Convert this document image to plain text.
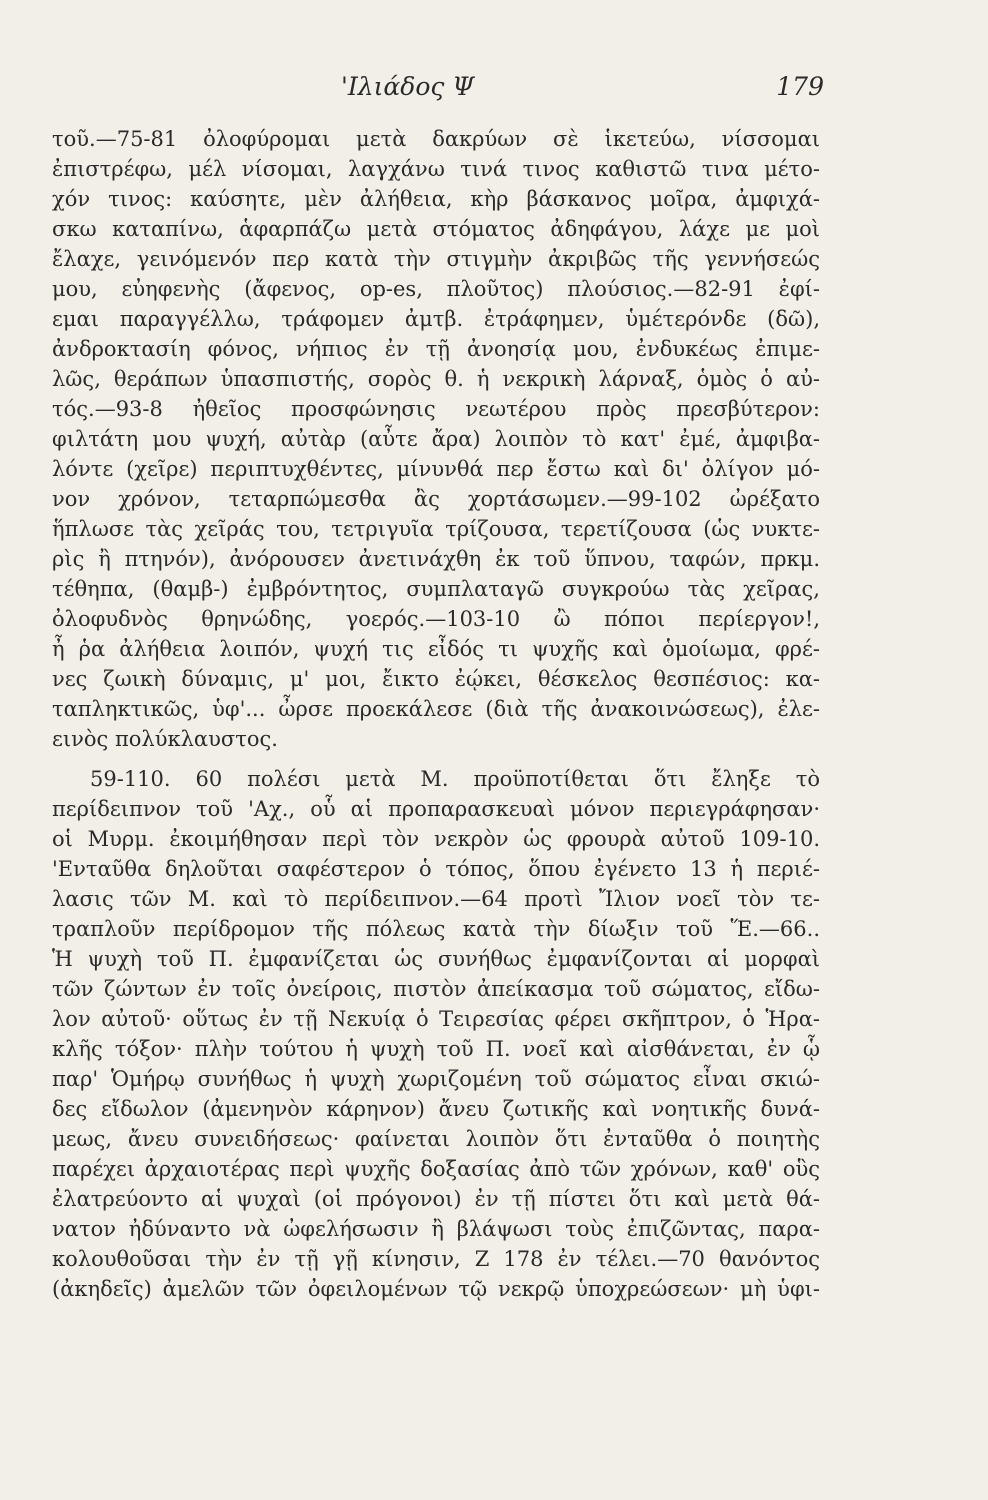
'Ιλιάδος Ψ	179
τοῦ.—75-81 ὀλοφύρομαι μετὰ δακρύων σὲ ἱκετεύω, νίσσομαι
ἐπιστρέφω, μέλ νίσομαι, λαγχάνω τινά τινος καθιστῶ τινα μέτο-
χόν τινος: καύσητε, μὲν ἀλήθεια, κὴρ βάσκανος μοῖρα, ἀμφιχά-
σκω καταπίνω, ἁφαρπάζω μετὰ στόματος ἀδηφάγου, λάχε με μοὶ
ἔλαχε, γεινόμενόν περ κατὰ τὴν στιγμὴν ἀκριβῶς τῆς γεννήσεώς
μου, εὐηφενὴς (ἄφενος, op-es, πλοῦτος) πλούσιος.—82-91 ἐφί-
εμαι παραγγέλλω, τράφομεν ἀμτβ. ἐτράφημεν, ὑμέτερόνδε (δῶ),
ἀνδροκτασίη φόνος, νήπιος ἐν τῇ ἀνοησίᾳ μου, ἐνδυκέως ἐπιμε-
λῶς, θεράπων ὑπασπιστής, σορὸς θ. ἡ νεκρικὴ λάρναξ, ὁμὸς ὁ αὐ-
τός.—93-8 ἠθεῖος προσφώνησις νεωτέρου πρὸς πρεσβύτερον:
φιλτάτη μου ψυχή, αὐτὰρ (αὖτε ἄρα) λοιπὸν τὸ κατ' ἐμέ, ἀμφιβα-
λόντε (χεῖρε) περιπτυχθέντες, μίνυνθά περ ἔστω καὶ δι' ὀλίγον μό-
νον χρόνον, τεταρπώμεσθα ἂς χορτάσωμεν.—99-102 ὠρέξατο
ἥπλωσε τὰς χεῖράς του, τετριγυῖα τρίζουσα, τερετίζουσα (ὡς νυκτε-
ρὶς ἢ πτηνόν), ἀνόρουσεν ἀνετινάχθη ἐκ τοῦ ὕπνου, ταφών, πρκμ.
τέθηπα, (θαμβ-) ἐμβρόντητος, συμπλαταγῶ συγκρούω τὰς χεῖρας,
ὀλοφυδνὸς θρηνώδης, γοερός.—103-10 ὢ πόποι περίεργον!,
ἦ ῥα ἀλήθεια λοιπόν, ψυχή τις εἶδός τι ψυχῆς καὶ ὁμοίωμα, φρέ-
νες ζωικὴ δύναμις, μ' μοι, ἔικτο ἐῴκει, θέσκελος θεσπέσιος: κα-
ταπληκτικῶς, ὑφ'... ὦρσε προεκάλεσε (διὰ τῆς ἀνακοινώσεως), ἐλε-
εινὸς πολύκλαυστος.
59-110. 60 πολέσι μετὰ Μ. προϋποτίθεται ὅτι ἔληξε τὸ
περίδειπνον τοῦ 'Αχ., οὗ αἱ προπαρασκευαὶ μόνον περιεγράφησαν·
οἱ Μυρμ. ἐκοιμήθησαν περὶ τὸν νεκρὸν ὡς φρουρὰ αὐτοῦ 109-10.
'Ενταῦθα δηλοῦται σαφέστερον ὁ τόπος, ὅπου ἐγένετο 13 ἡ περιέ-
λασις τῶν Μ. καὶ τὸ περίδειπνον.—64 προτὶ Ἴλιον νοεῖ τὸν τε-
τραπλοῦν περίδρομον τῆς πόλεως κατὰ τὴν δίωξιν τοῦ Ἕ.—66..
Ἡ ψυχὴ τοῦ Π. ἐμφανίζεται ὡς συνήθως ἐμφανίζονται αἱ μορφαὶ
τῶν ζώντων ἐν τοῖς ὀνείροις, πιστὸν ἀπείκασμα τοῦ σώματος, εἴδω-
λον αὐτοῦ· οὕτως ἐν τῇ Νεκυίᾳ ὁ Τειρεσίας φέρει σκῆπτρον, ὁ Ἡρα-
κλῆς τόξον· πλὴν τούτου ἡ ψυχὴ τοῦ Π. νοεῖ καὶ αἰσθάνεται, ἐν ᾧ
παρ' Ὁμήρῳ συνήθως ἡ ψυχὴ χωριζομένη τοῦ σώματος εἶναι σκιώ-
δες εἴδωλον (ἀμενηνὸν κάρηνον) ἄνευ ζωτικῆς καὶ νοητικῆς δυνά-
μεως, ἄνευ συνειδήσεως· φαίνεται λοιπὸν ὅτι ἐνταῦθα ὁ ποιητὴς
παρέχει ἀρχαιοτέρας περὶ ψυχῆς δοξασίας ἀπὸ τῶν χρόνων, καθ' οὓς
ἐλατρεύοντο αἱ ψυχαὶ (οἱ πρόγονοι) ἐν τῇ πίστει ὅτι καὶ μετὰ θά-
νατον ἠδύναντο νὰ ὠφελήσωσιν ἢ βλάψωσι τοὺς ἐπιζῶντας, παρα-
κολουθοῦσαι τὴν ἐν τῇ γῇ κίνησιν, Ζ 178 ἐν τέλει.—70 θανόντος
(ἀκηδεῖς) ἀμελῶν τῶν ὀφειλομένων τῷ νεκρῷ ὑποχρεώσεων· μὴ ὑφι-
